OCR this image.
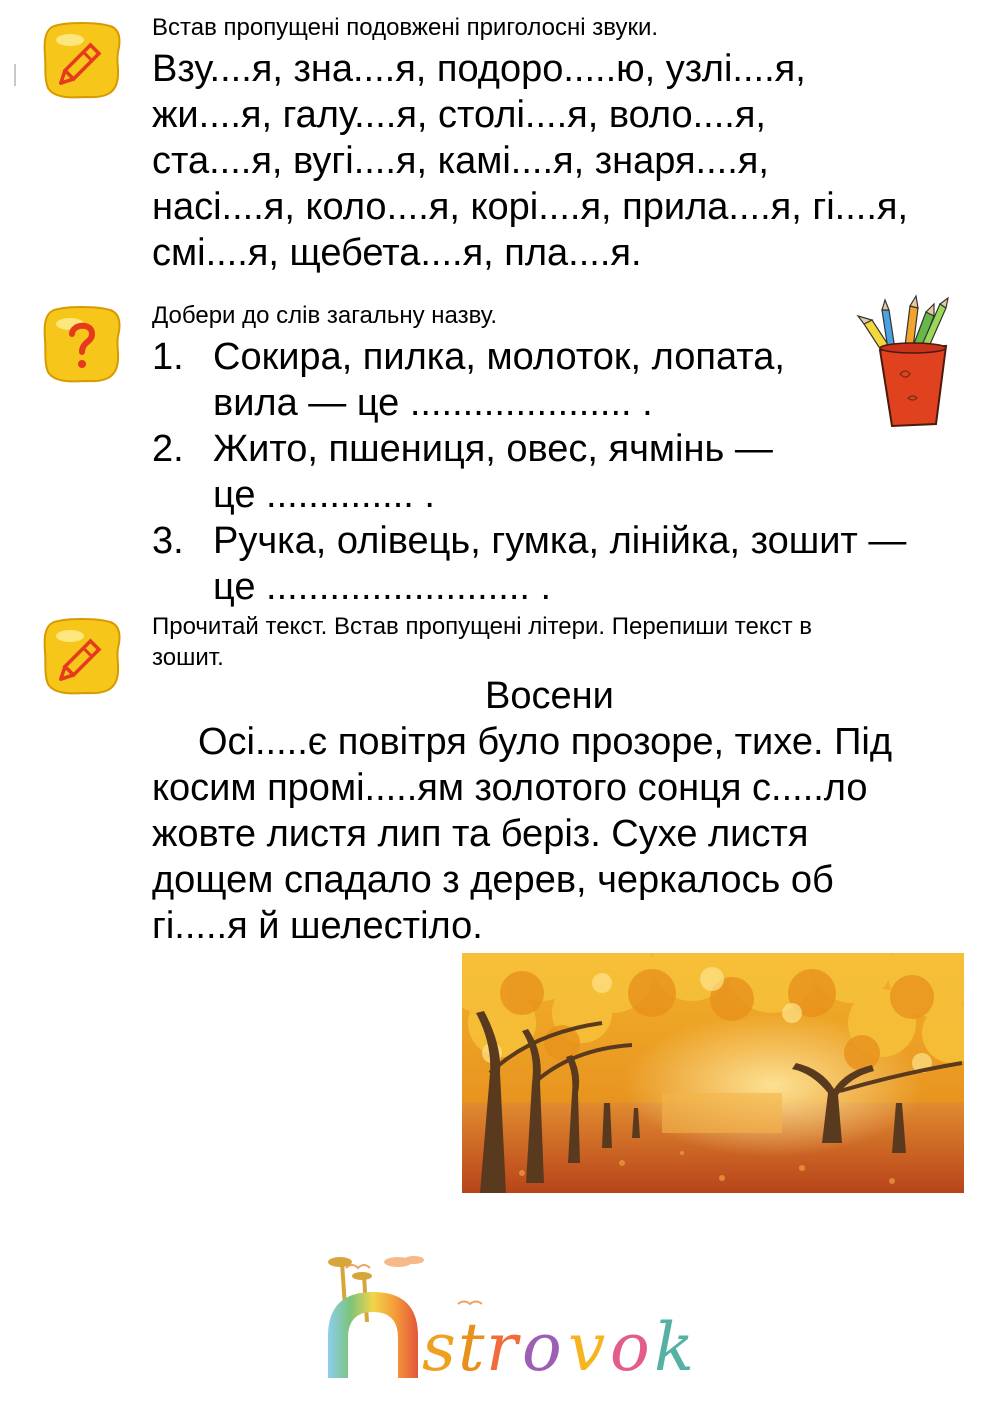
Встав пропущені подовжені приголосні звуки.
Взу....я, зна....я, подоро.....ю, узлі....я,
жи....я, галу....я, столі....я, воло....я,
ста....я, вугі....я, камі....я, знаря....я,
насі....я, коло....я, корі....я, прила....я, гі....я,
смі....я, щебета....я, пла....я.
Добери до слів загальну назву.
1. Сокира, пилка, молоток, лопата,
вила — це ..................... .
2. Жито, пшениця, овес, ячмінь —
це .............. .
3. Ручка, олівець, гумка, лінійка, зошит —
це ......................... .
Прочитай текст. Встав пропущені літери. Перепиши текст в
зошит.
Восени
Осі.....є повітря було прозоре, тихе. Під
косим промі.....ям золотого сонця с.....ло
жовте листя лип та беріз. Сухе листя
дощем спадало з дерев, черкалось об
гі.....я й шелестіло.
s t r o v o k
